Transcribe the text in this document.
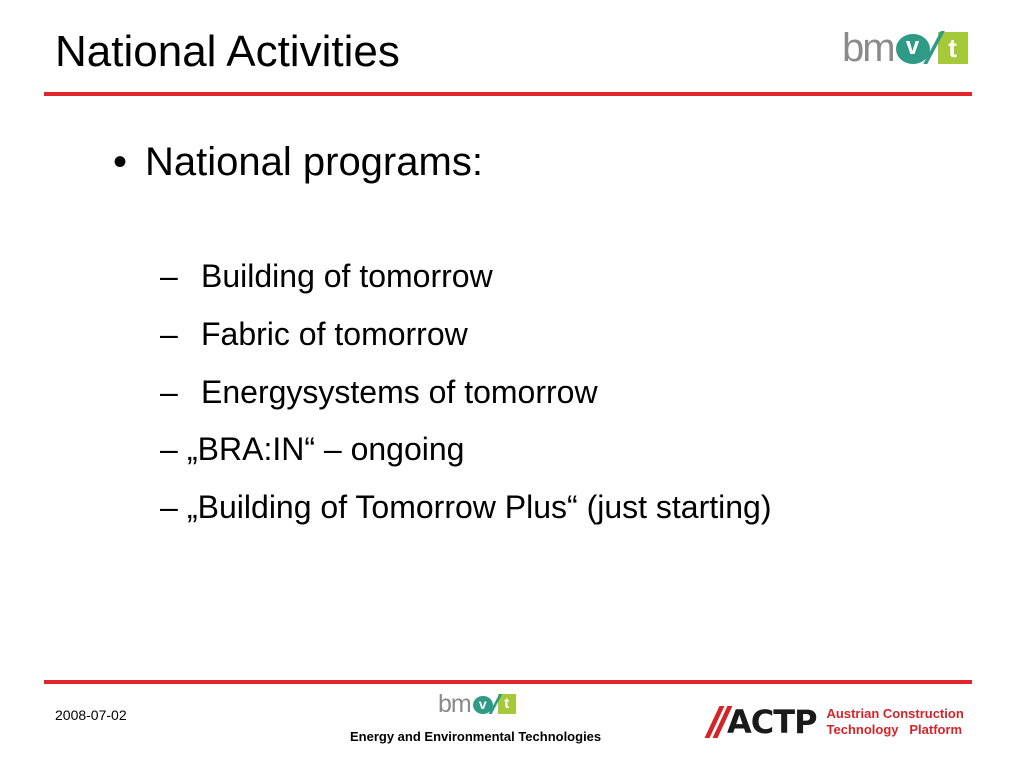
National Activities	bm v	t
• National programs:
– Building of tomorrow
– Fabric of tomorrow
– Energysystems of tomorrow
– „BRA:IN“ – ongoing
– „Building of Tomorrow Plus“ (just starting)
2008-07-02	bm v	t
Energy and Environmental Technologies	ACTP Austrian Construction
Technology   Platform
